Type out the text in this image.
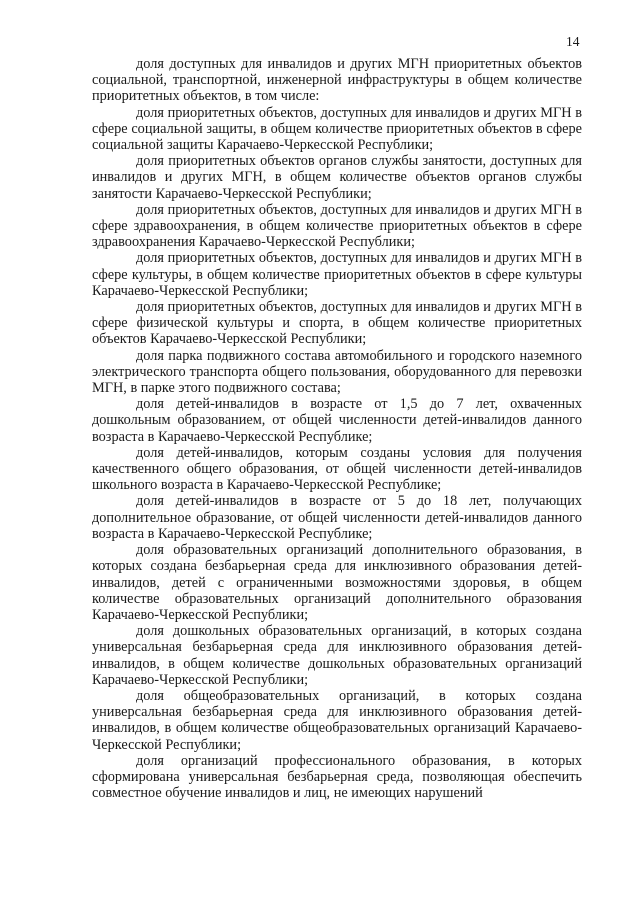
14

доля доступных для инвалидов и других МГН приоритетных объектов социальной, транспортной, инженерной инфраструктуры в общем количестве приоритетных объектов, в том числе:

доля приоритетных объектов, доступных для инвалидов и других МГН в сфере социальной защиты, в общем количестве приоритетных объектов в сфере социальной защиты Карачаево-Черкесской Республики;

доля приоритетных объектов органов службы занятости, доступных для инвалидов и других МГН, в общем количестве объектов органов службы занятости Карачаево-Черкесской Республики;

доля приоритетных объектов, доступных для инвалидов и других МГН в сфере здравоохранения, в общем количестве приоритетных объектов в сфере здравоохранения Карачаево-Черкесской Республики;

доля приоритетных объектов, доступных для инвалидов и других МГН в сфере культуры, в общем количестве приоритетных объектов в сфере культуры Карачаево-Черкесской Республики;

доля приоритетных объектов, доступных для инвалидов и других МГН в сфере физической культуры и спорта, в общем количестве приоритетных объектов Карачаево-Черкесской Республики;

доля парка подвижного состава автомобильного и городского наземного электрического транспорта общего пользования, оборудованного для перевозки МГН, в парке этого подвижного состава;

доля детей-инвалидов в возрасте от 1,5 до 7 лет, охваченных дошкольным образованием, от общей численности детей-инвалидов данного возраста в Карачаево-Черкесской Республике;

доля детей-инвалидов, которым созданы условия для получения качественного общего образования, от общей численности детей-инвалидов школьного возраста в Карачаево-Черкесской Республике;

доля детей-инвалидов в возрасте от 5 до 18 лет, получающих дополнительное образование, от общей численности детей-инвалидов данного возраста в Карачаево-Черкесской Республике;

доля образовательных организаций дополнительного образования, в которых создана безбарьерная среда для инклюзивного образования детей-инвалидов, детей с ограниченными возможностями здоровья, в общем количестве образовательных организаций дополнительного образования Карачаево-Черкесской Республики;

доля дошкольных образовательных организаций, в которых создана универсальная безбарьерная среда для инклюзивного образования детей-инвалидов, в общем количестве дошкольных образовательных организаций Карачаево-Черкесской Республики;

доля общеобразовательных организаций, в которых создана универсальная безбарьерная среда для инклюзивного образования детей-инвалидов, в общем количестве общеобразовательных организаций Карачаево-Черкесской Республики;

доля организаций профессионального образования, в которых сформирована универсальная безбарьерная среда, позволяющая обеспечить совместное обучение инвалидов и лиц, не имеющих нарушений
